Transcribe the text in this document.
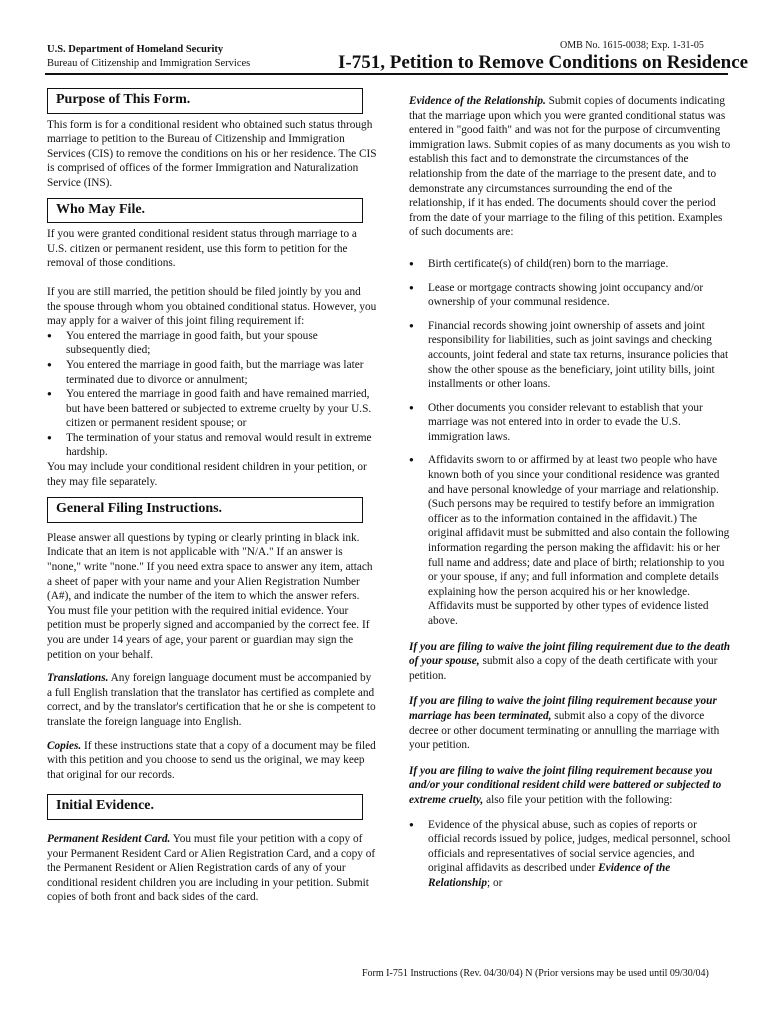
U.S. Department of Homeland Security
Bureau of Citizenship and Immigration Services
OMB No. 1615-0038; Exp. 1-31-05
I-751, Petition to Remove Conditions on Residence
Purpose of This Form.

This form is for a conditional resident who obtained such status through marriage to petition to the Bureau of Citizenship and Immigration Services (CIS) to remove the conditions on his or her residence. The CIS is comprised of offices of the former Immigration and Naturalization Service (INS).

Who May File.

If you were granted conditional resident status through marriage to a U.S. citizen or permanent resident, use this form to petition for the removal of those conditions.

If you are still married, the petition should be filed jointly by you and the spouse through whom you obtained conditional status. However, you may apply for a waiver of this joint filing requirement if:

● You entered the marriage in good faith, but your spouse subsequently died;
● You entered the marriage in good faith, but the marriage was later terminated due to divorce or annulment;
● You entered the marriage in good faith and have remained married, but have been battered or subjected to extreme cruelty by your U.S. citizen or permanent resident spouse; or
● The termination of your status and removal would result in extreme hardship.

You may include your conditional resident children in your petition, or they may file separately.

General Filing Instructions.

Please answer all questions by typing or clearly printing in black ink. Indicate that an item is not applicable with "N/A." If an answer is "none," write "none." If you need extra space to answer any item, attach a sheet of paper with your name and your Alien Registration Number (A#), and indicate the number of the item to which the answer refers. You must file your petition with the required initial evidence. Your petition must be properly signed and accompanied by the correct fee. If you are under 14 years of age, your parent or guardian may sign the petition on your behalf.

Translations. Any foreign language document must be accompanied by a full English translation that the translator has certified as complete and correct, and by the translator's certification that he or she is competent to translate the foreign language into English.

Copies. If these instructions state that a copy of a document may be filed with this petition and you choose to send us the original, we may keep that original for our records.

Initial Evidence.

Permanent Resident Card. You must file your petition with a copy of your Permanent Resident Card or Alien Registration Card, and a copy of the Permanent Resident or Alien Registration cards of any of your conditional resident children you are including in your petition. Submit copies of both front and back sides of the card.

Evidence of the Relationship. Submit copies of documents indicating that the marriage upon which you were granted conditional status was entered in "good faith" and was not for the purpose of circumventing immigration laws. Submit copies of as many documents as you wish to establish this fact and to demonstrate the circumstances of the relationship from the date of the marriage to the present date, and to demonstrate any circumstances surrounding the end of the relationship, if it has ended. The documents should cover the period from the date of your marriage to the filing of this petition. Examples of such documents are:

● Birth certificate(s) of child(ren) born to the marriage.
● Lease or mortgage contracts showing joint occupancy and/or ownership of your communal residence.
● Financial records showing joint ownership of assets and joint responsibility for liabilities, such as joint savings and checking accounts, joint federal and state tax returns, insurance policies that show the other spouse as the beneficiary, joint utility bills, joint installments or other loans.
● Other documents you consider relevant to establish that your marriage was not entered into in order to evade the U.S. immigration laws.
● Affidavits sworn to or affirmed by at least two people who have known both of you since your conditional residence was granted and have personal knowledge of your marriage and relationship. (Such persons may be required to testify before an immigration officer as to the information contained in the affidavit.) The original affidavit must be submitted and also contain the following information regarding the person making the affidavit: his or her full name and address; date and place of birth; relationship to you or your spouse, if any; and full information and complete details explaining how the person acquired his or her knowledge. Affidavits must be supported by other types of evidence listed above.

If you are filing to waive the joint filing requirement due to the death of your spouse, submit also a copy of the death certificate with your petition.

If you are filing to waive the joint filing requirement because your marriage has been terminated, submit also a copy of the divorce decree or other document terminating or annulling the marriage with your petition.

If you are filing to waive the joint filing requirement because you and/or your conditional resident child were battered or subjected to extreme cruelty, also file your petition with the following:

● Evidence of the physical abuse, such as copies of reports or official records issued by police, judges, medical personnel, school officials and representatives of social service agencies, and original affidavits as described under Evidence of the Relationship; or
Form I-751 Instructions (Rev. 04/30/04) N (Prior versions may be used until 09/30/04)
